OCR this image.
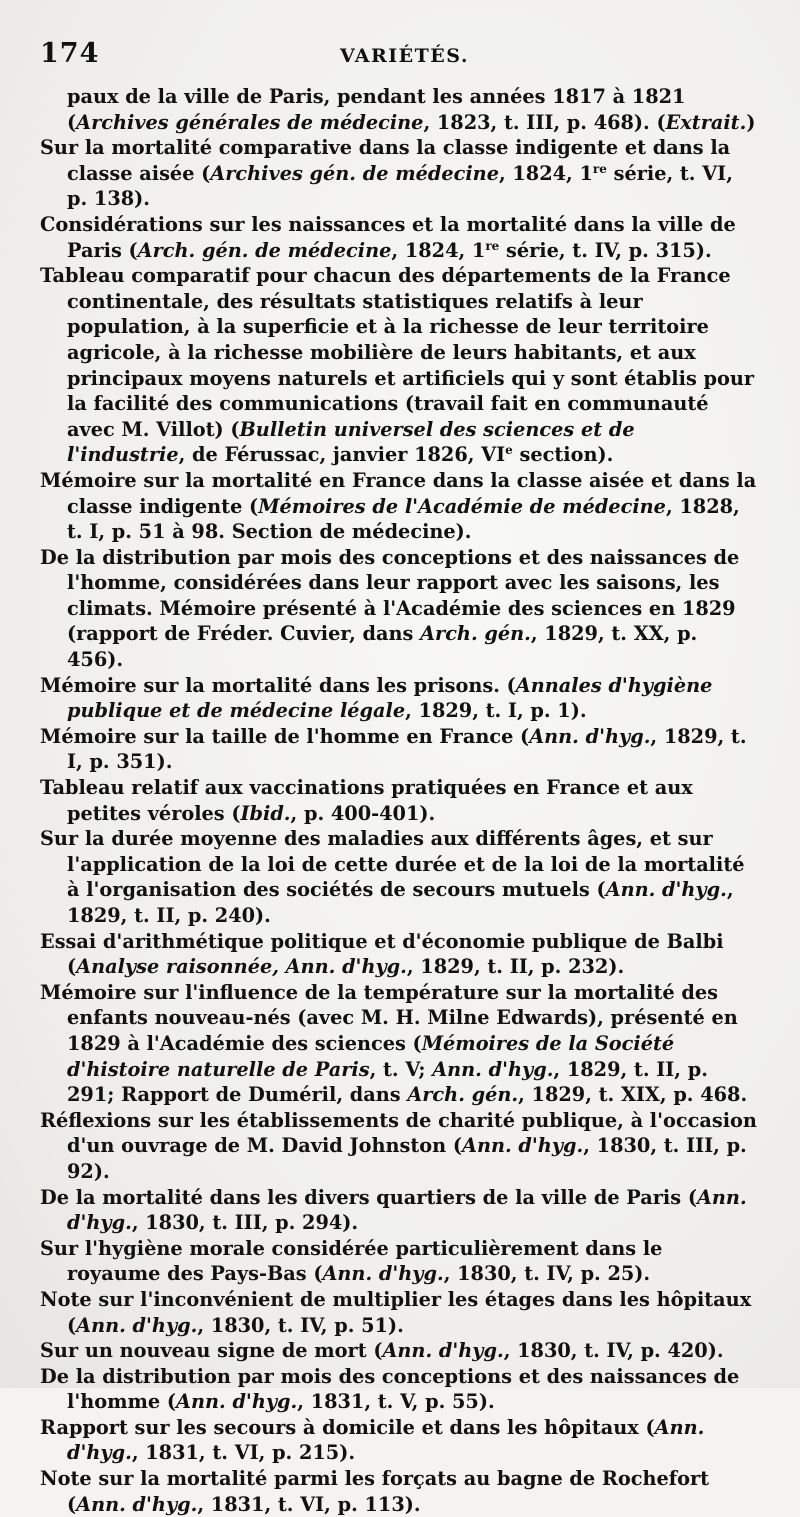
174	VARIÉTÉS.
paux de la ville de Paris, pendant les années 1817 à 1821 (Archives générales de médecine, 1823, t. III, p. 468). (Extrait.)
Sur la mortalité comparative dans la classe indigente et dans la classe aisée (Archives gén. de médecine, 1824, 1re série, t. VI, p. 138).
Considérations sur les naissances et la mortalité dans la ville de Paris (Arch. gén. de médecine, 1824, 1re série, t. IV, p. 315).
Tableau comparatif pour chacun des départements de la France continentale, des résultats statistiques relatifs à leur population, à la superficie et à la richesse de leur territoire agricole, à la richesse mobilière de leurs habitants, et aux principaux moyens naturels et artificiels qui y sont établis pour la facilité des communications (travail fait en communauté avec M. Villot) (Bulletin universel des sciences et de l'industrie, de Férussac, janvier 1826, VIe section).
Mémoire sur la mortalité en France dans la classe aisée et dans la classe indigente (Mémoires de l'Académie de médecine, 1828, t. I, p. 51 à 98. Section de médecine).
De la distribution par mois des conceptions et des naissances de l'homme, considérées dans leur rapport avec les saisons, les climats. Mémoire présenté à l'Académie des sciences en 1829 (rapport de Fréder. Cuvier, dans Arch. gén., 1829, t. XX, p. 456).
Mémoire sur la mortalité dans les prisons. (Annales d'hygiène publique et de médecine légale, 1829, t. I, p. 1).
Mémoire sur la taille de l'homme en France (Ann. d'hyg., 1829, t. I, p. 351).
Tableau relatif aux vaccinations pratiquées en France et aux petites véroles (Ibid., p. 400-401).
Sur la durée moyenne des maladies aux différents âges, et sur l'application de la loi de cette durée et de la loi de la mortalité à l'organisation des sociétés de secours mutuels (Ann. d'hyg., 1829, t. II, p. 240).
Essai d'arithmétique politique et d'économie publique de Balbi (Analyse raisonnée, Ann. d'hyg., 1829, t. II, p. 232).
Mémoire sur l'influence de la température sur la mortalité des enfants nouveau-nés (avec M. H. Milne Edwards), présenté en 1829 à l'Académie des sciences (Mémoires de la Société d'histoire naturelle de Paris, t. V; Ann. d'hyg., 1829, t. II, p. 291; Rapport de Duméril, dans Arch. gén., 1829, t. XIX, p. 468.
Réflexions sur les établissements de charité publique, à l'occasion d'un ouvrage de M. David Johnston (Ann. d'hyg., 1830, t. III, p. 92).
De la mortalité dans les divers quartiers de la ville de Paris (Ann. d'hyg., 1830, t. III, p. 294).
Sur l'hygiène morale considérée particulièrement dans le royaume des Pays-Bas (Ann. d'hyg., 1830, t. IV, p. 25).
Note sur l'inconvénient de multiplier les étages dans les hôpitaux (Ann. d'hyg., 1830, t. IV, p. 51).
Sur un nouveau signe de mort (Ann. d'hyg., 1830, t. IV, p. 420).
De la distribution par mois des conceptions et des naissances de l'homme (Ann. d'hyg., 1831, t. V, p. 55).
Rapport sur les secours à domicile et dans les hôpitaux (Ann. d'hyg., 1831, t. VI, p. 215).
Note sur la mortalité parmi les forçats au bagne de Rochefort (Ann. d'hyg., 1831, t. VI, p. 113).
